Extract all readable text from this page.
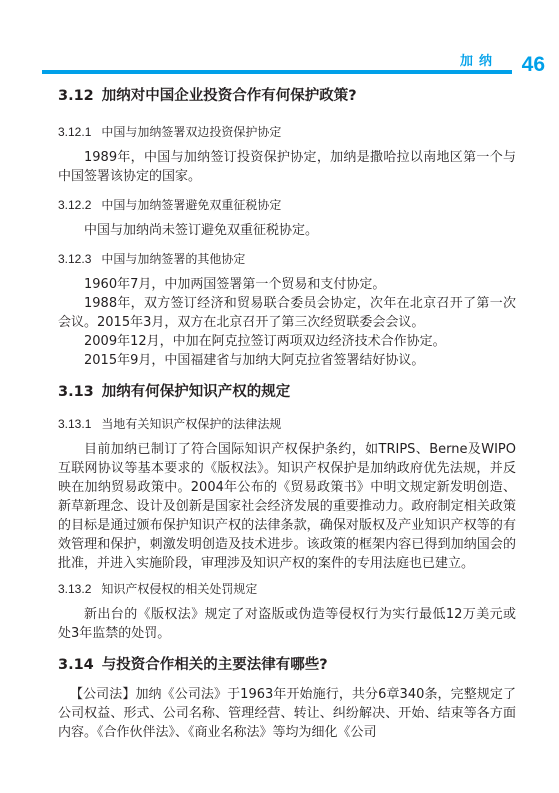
加纳 46
3.12 加纳对中国企业投资合作有何保护政策?
3.12.1 中国与加纳签署双边投资保护协定

1989年，中国与加纳签订投资保护协定，加纳是撒哈拉以南地区第一个与中国签署该协定的国家。

3.12.2 中国与加纳签署避免双重征税协定

中国与加纳尚未签订避免双重征税协定。

3.12.3 中国与加纳签署的其他协定

1960年7月，中加两国签署第一个贸易和支付协定。

1988年，双方签订经济和贸易联合委员会协定，次年在北京召开了第一次会议。2015年3月，双方在北京召开了第三次经贸联委会会议。

2009年12月，中加在阿克拉签订两项双边经济技术合作协定。

2015年9月，中国福建省与加纳大阿克拉省签署结好协议。

3.13 加纳有何保护知识产权的规定
3.13.1 当地有关知识产权保护的法律法规

目前加纳已制订了符合国际知识产权保护条约，如TRIPS、Berne及WIPO互联网协议等基本要求的《版权法》。知识产权保护是加纳政府优先法规，并反映在加纳贸易政策中。2004年公布的《贸易政策书》中明文规定新发明创造、新草新理念、设计及创新是国家社会经济发展的重要推动力。政府制定相关政策的目标是通过颁布保护知识产权的法律条款，确保对版权及产业知识产权等的有效管理和保护，刺激发明创造及技术进步。该政策的框架内容已得到加纳国会的批准，并进入实施阶段，审理涉及知识产权的案件的专用法庭也已建立。

3.13.2 知识产权侵权的相关处罚规定

新出台的《版权法》规定了对盗版或伪造等侵权行为实行最低12万美元或处3年监禁的处罚。

3.14 与投资合作相关的主要法律有哪些?

【公司法】加纳《公司法》于1963年开始施行，共分6章340条，完整规定了公司权益、形式、公司名称、管理经营、转让、纠纷解决、开始、结束等各方面内容。《合作伙伴法》、《商业名称法》等均为细化《公司
